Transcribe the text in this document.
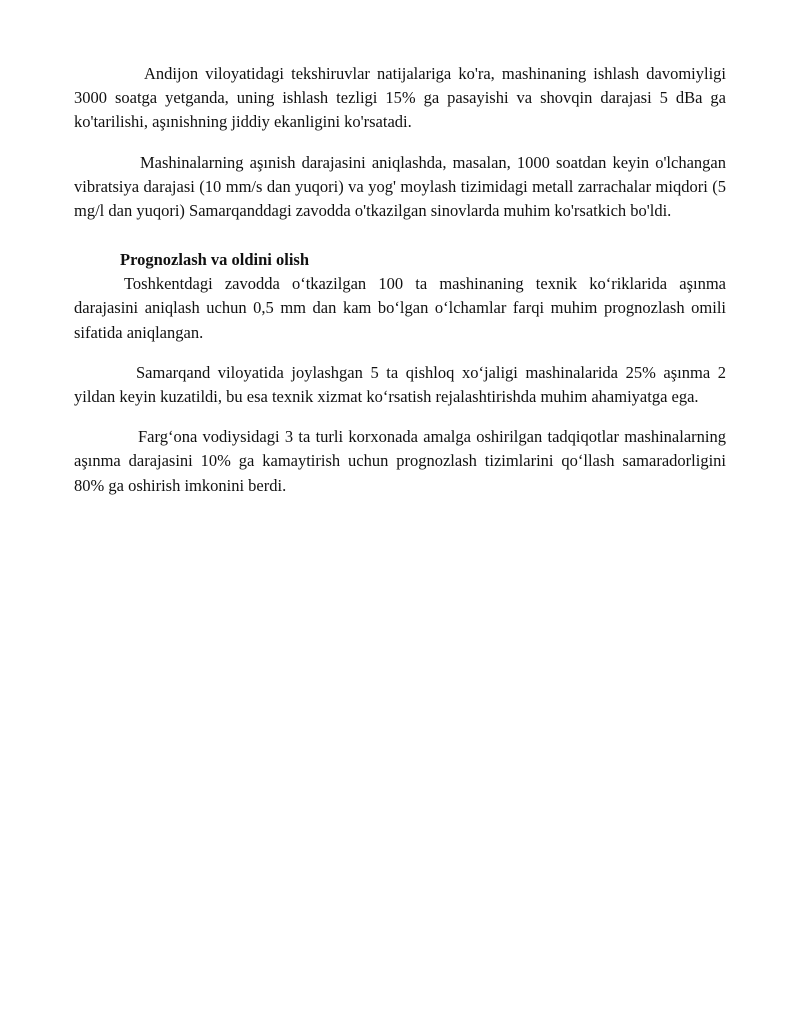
Andijon viloyatidagi tekshiruvlar natijalariga ko'ra, mashinaning ishlash davomiyligi 3000 soatga yetganda, uning ishlash tezligi 15% ga pasayishi va shovqin darajasi 5 dBa ga ko'tarilishi, aşınishning jiddiy ekanligini ko'rsatadi.

Mashinalarning aşınish darajasini aniqlashda, masalan, 1000 soatdan keyin o'lchangan vibratsiya darajasi (10 mm/s dan yuqori) va yog' moylash tizimidagi metall zarrachalar miqdori (5 mg/l dan yuqori) Samarqanddagi zavodda o'tkazilgan sinovlarda muhim ko'rsatkich bo'ldi.

Prognozlash va oldini olish

Toshkentdagi zavodda o‘tkazilgan 100 ta mashinaning texnik ko‘riklarida aşınma darajasini aniqlash uchun 0,5 mm dan kam bo‘lgan o‘lchamlar farqi muhim prognozlash omili sifatida aniqlangan.

Samarqand viloyatida joylashgan 5 ta qishloq xo‘jaligi mashinalarida 25% aşınma 2 yildan keyin kuzatildi, bu esa texnik xizmat ko‘rsatish rejalashtirishda muhim ahamiyatga ega.

Farg‘ona vodiysidagi 3 ta turli korxonada amalga oshirilgan tadqiqotlar mashinalarning aşınma darajasini 10% ga kamaytirish uchun prognozlash tizimlarini qo‘llash samaradorligini 80% ga oshirish imkonini berdi.
